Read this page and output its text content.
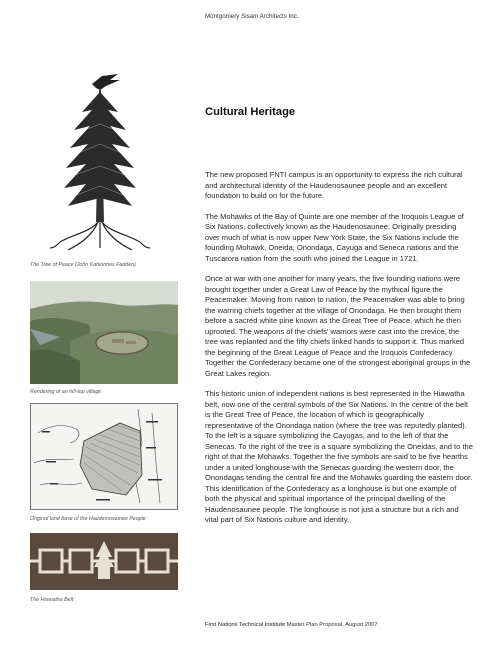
Montgomery Sisam Architects Inc.
The Tree of Peace (John Kahionhes Fadden)
Rendering of an hill-top village
Original land base of the Haudenosaunee People
The Hiawatha Belt
Cultural Heritage

The new proposed FNTI campus is an opportunity to express the rich cultural and architectural identity of the Haudenosaunee people and an excellent foundation to build on for the future.

The Mohawks of the Bay of Quinte are one member of the Iroquois League of Six Nations, collectively known as the Haudenosaunee. Originally presiding over much of what is now upper New York State, the Six Nations include the founding Mohawk, Oneida, Onondaga, Cayuga and Seneca nations and the Tuscarora nation from the south who joined the League in 1721.

Once at war with one another for many years, the five founding nations were brought together under a Great Law of Peace by the mythical figure the Peacemaker. Moving from nation to nation, the Peacemaker was able to bring the warring chiefs together at the village of Onondaga. He then brought them before a sacred white pine known as the Great Tree of Peace, which he then uprooted. The weapons of the chiefs' warriors were cast into the crevice, the tree was replanted and the fifty chiefs linked hands to support it. Thus marked the beginning of the Great League of Peace and the Iroquois Confederacy. Together the Confederacy became one of the strongest aboriginal groups in the Great Lakes region.

This historic union of independent nations is best represented in the Hiawatha belt, now one of the central symbols of the Six Nations. In the centre of the belt is the Great Tree of Peace, the location of which is geographically representative of the Onondaga nation (where the tree was reputedly planted). To the left is a square symbolizing the Cayugas, and to the left of that the Senecas. To the right of the tree is a square symbolizing the Oneidas, and to the right of that the Mohawks. Together the five symbols are said to be five hearths under a united longhouse with the Senecas guarding the western door, the Onondagas tending the central fire and the Mohawks guarding the eastern door. This identification of the Confederacy as a longhouse is but one example of both the physical and spiritual importance of the principal dwelling of the Haudenosaunee people. The longhouse is not just a structure but a rich and vital part of Six Nations culture and identity.

First Nations Technical Institute Master Plan Proposal, August 2007
